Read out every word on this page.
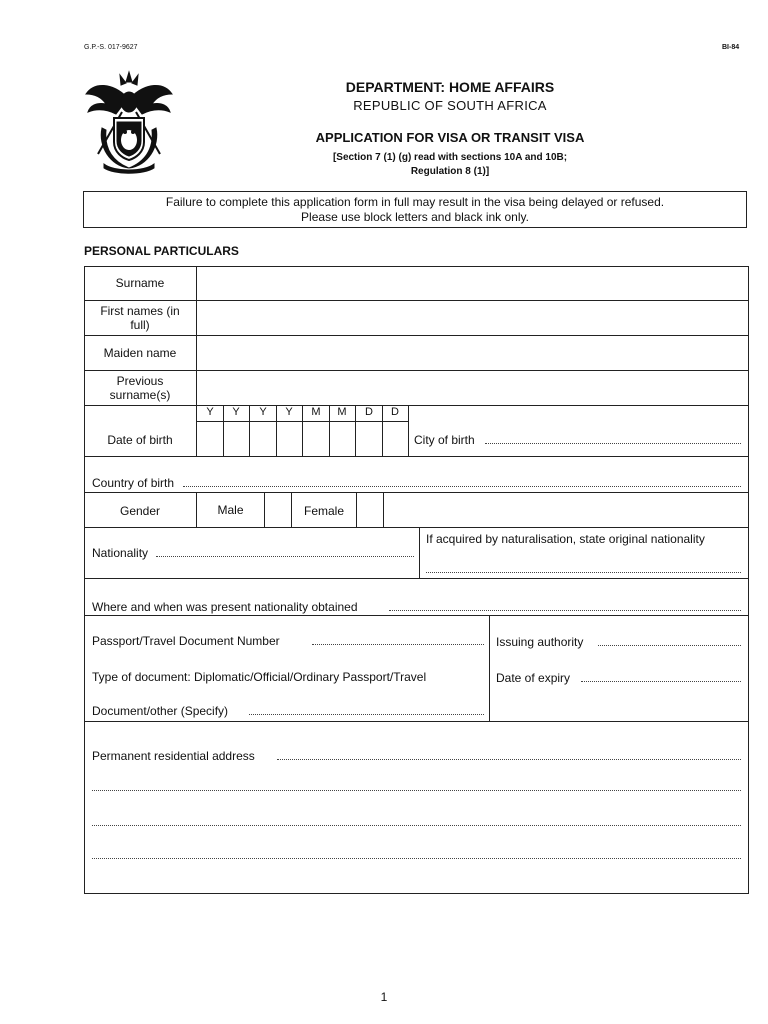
G.P.-S. 017-9627	BI-84
DEPARTMENT: HOME AFFAIRS
REPUBLIC OF SOUTH AFRICA
APPLICATION FOR VISA OR TRANSIT VISA
[Section 7 (1) (g) read with sections 10A and 10B;
Regulation 8 (1)]
Failure to complete this application form in full may result in the visa being delayed or refused.
Please use block letters and black ink only.
PERSONAL PARTICULARS
Surname
First names (in
full)
Maiden name
Previous
surname(s)
Y	Y	Y	Y	M	M	D	D
Date of birth	City of birth
Country of birth
Gender	Male	Female
Nationality
If acquired by naturalisation, state original nationality
Where and when was present nationality obtained
Passport/Travel Document Number	Issuing authority
Type of document: Diplomatic/Official/Ordinary Passport/Travel
Document/other (Specify)
Date of expiry
Permanent residential address
1
